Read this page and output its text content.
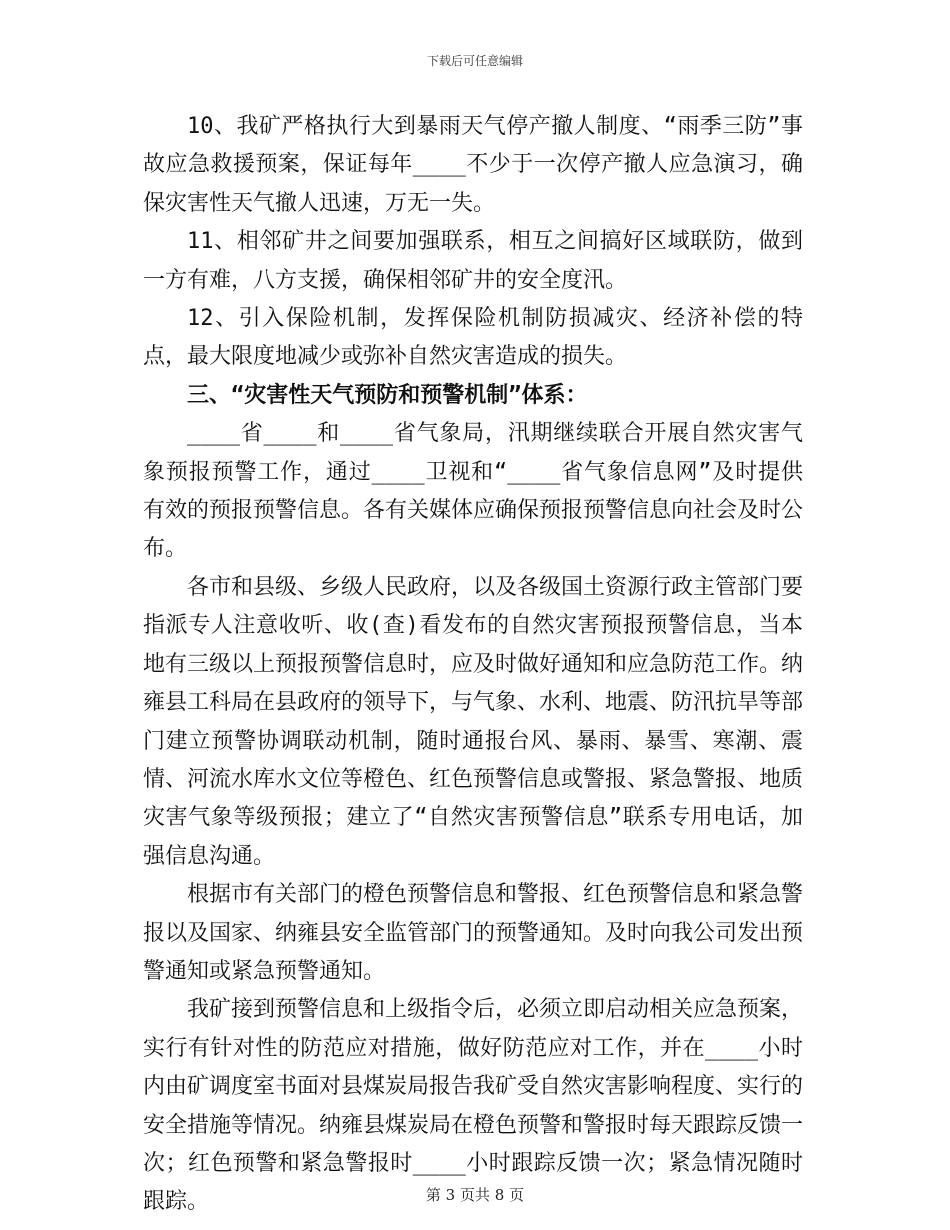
下载后可任意编辑

10、我矿严格执行大到暴雨天气停产撤人制度、“雨季三防”事故应急救援预案，保证每年____不少于一次停产撤人应急演习，确保灾害性天气撤人迅速，万无一失。

11、相邻矿井之间要加强联系，相互之间搞好区域联防，做到一方有难，八方支援，确保相邻矿井的安全度汛。

12、引入保险机制，发挥保险机制防损减灾、经济补偿的特点，最大限度地减少或弥补自然灾害造成的损失。

三、“灾害性天气预防和预警机制”体系：

____省____和____省气象局，汛期继续联合开展自然灾害气象预报预警工作，通过____卫视和“____省气象信息网”及时提供有效的预报预警信息。各有关媒体应确保预报预警信息向社会及时公布。

各市和县级、乡级人民政府，以及各级国土资源行政主管部门要指派专人注意收听、收(查)看发布的自然灾害预报预警信息，当本地有三级以上预报预警信息时，应及时做好通知和应急防范工作。纳雍县工科局在县政府的领导下，与气象、水利、地震、防汛抗旱等部门建立预警协调联动机制，随时通报台风、暴雨、暴雪、寒潮、震情、河流水库水文位等橙色、红色预警信息或警报、紧急警报、地质灾害气象等级预报；建立了“自然灾害预警信息”联系专用电话，加强信息沟通。

根据市有关部门的橙色预警信息和警报、红色预警信息和紧急警报以及国家、纳雍县安全监管部门的预警通知。及时向我公司发出预警通知或紧急预警通知。

我矿接到预警信息和上级指令后，必须立即启动相关应急预案，实行有针对性的防范应对措施，做好防范应对工作，并在____小时内由矿调度室书面对县煤炭局报告我矿受自然灾害影响程度、实行的安全措施等情况。纳雍县煤炭局在橙色预警和警报时每天跟踪反馈一次；红色预警和紧急警报时____小时跟踪反馈一次；紧急情况随时跟踪。	第 3 页共 8 页
